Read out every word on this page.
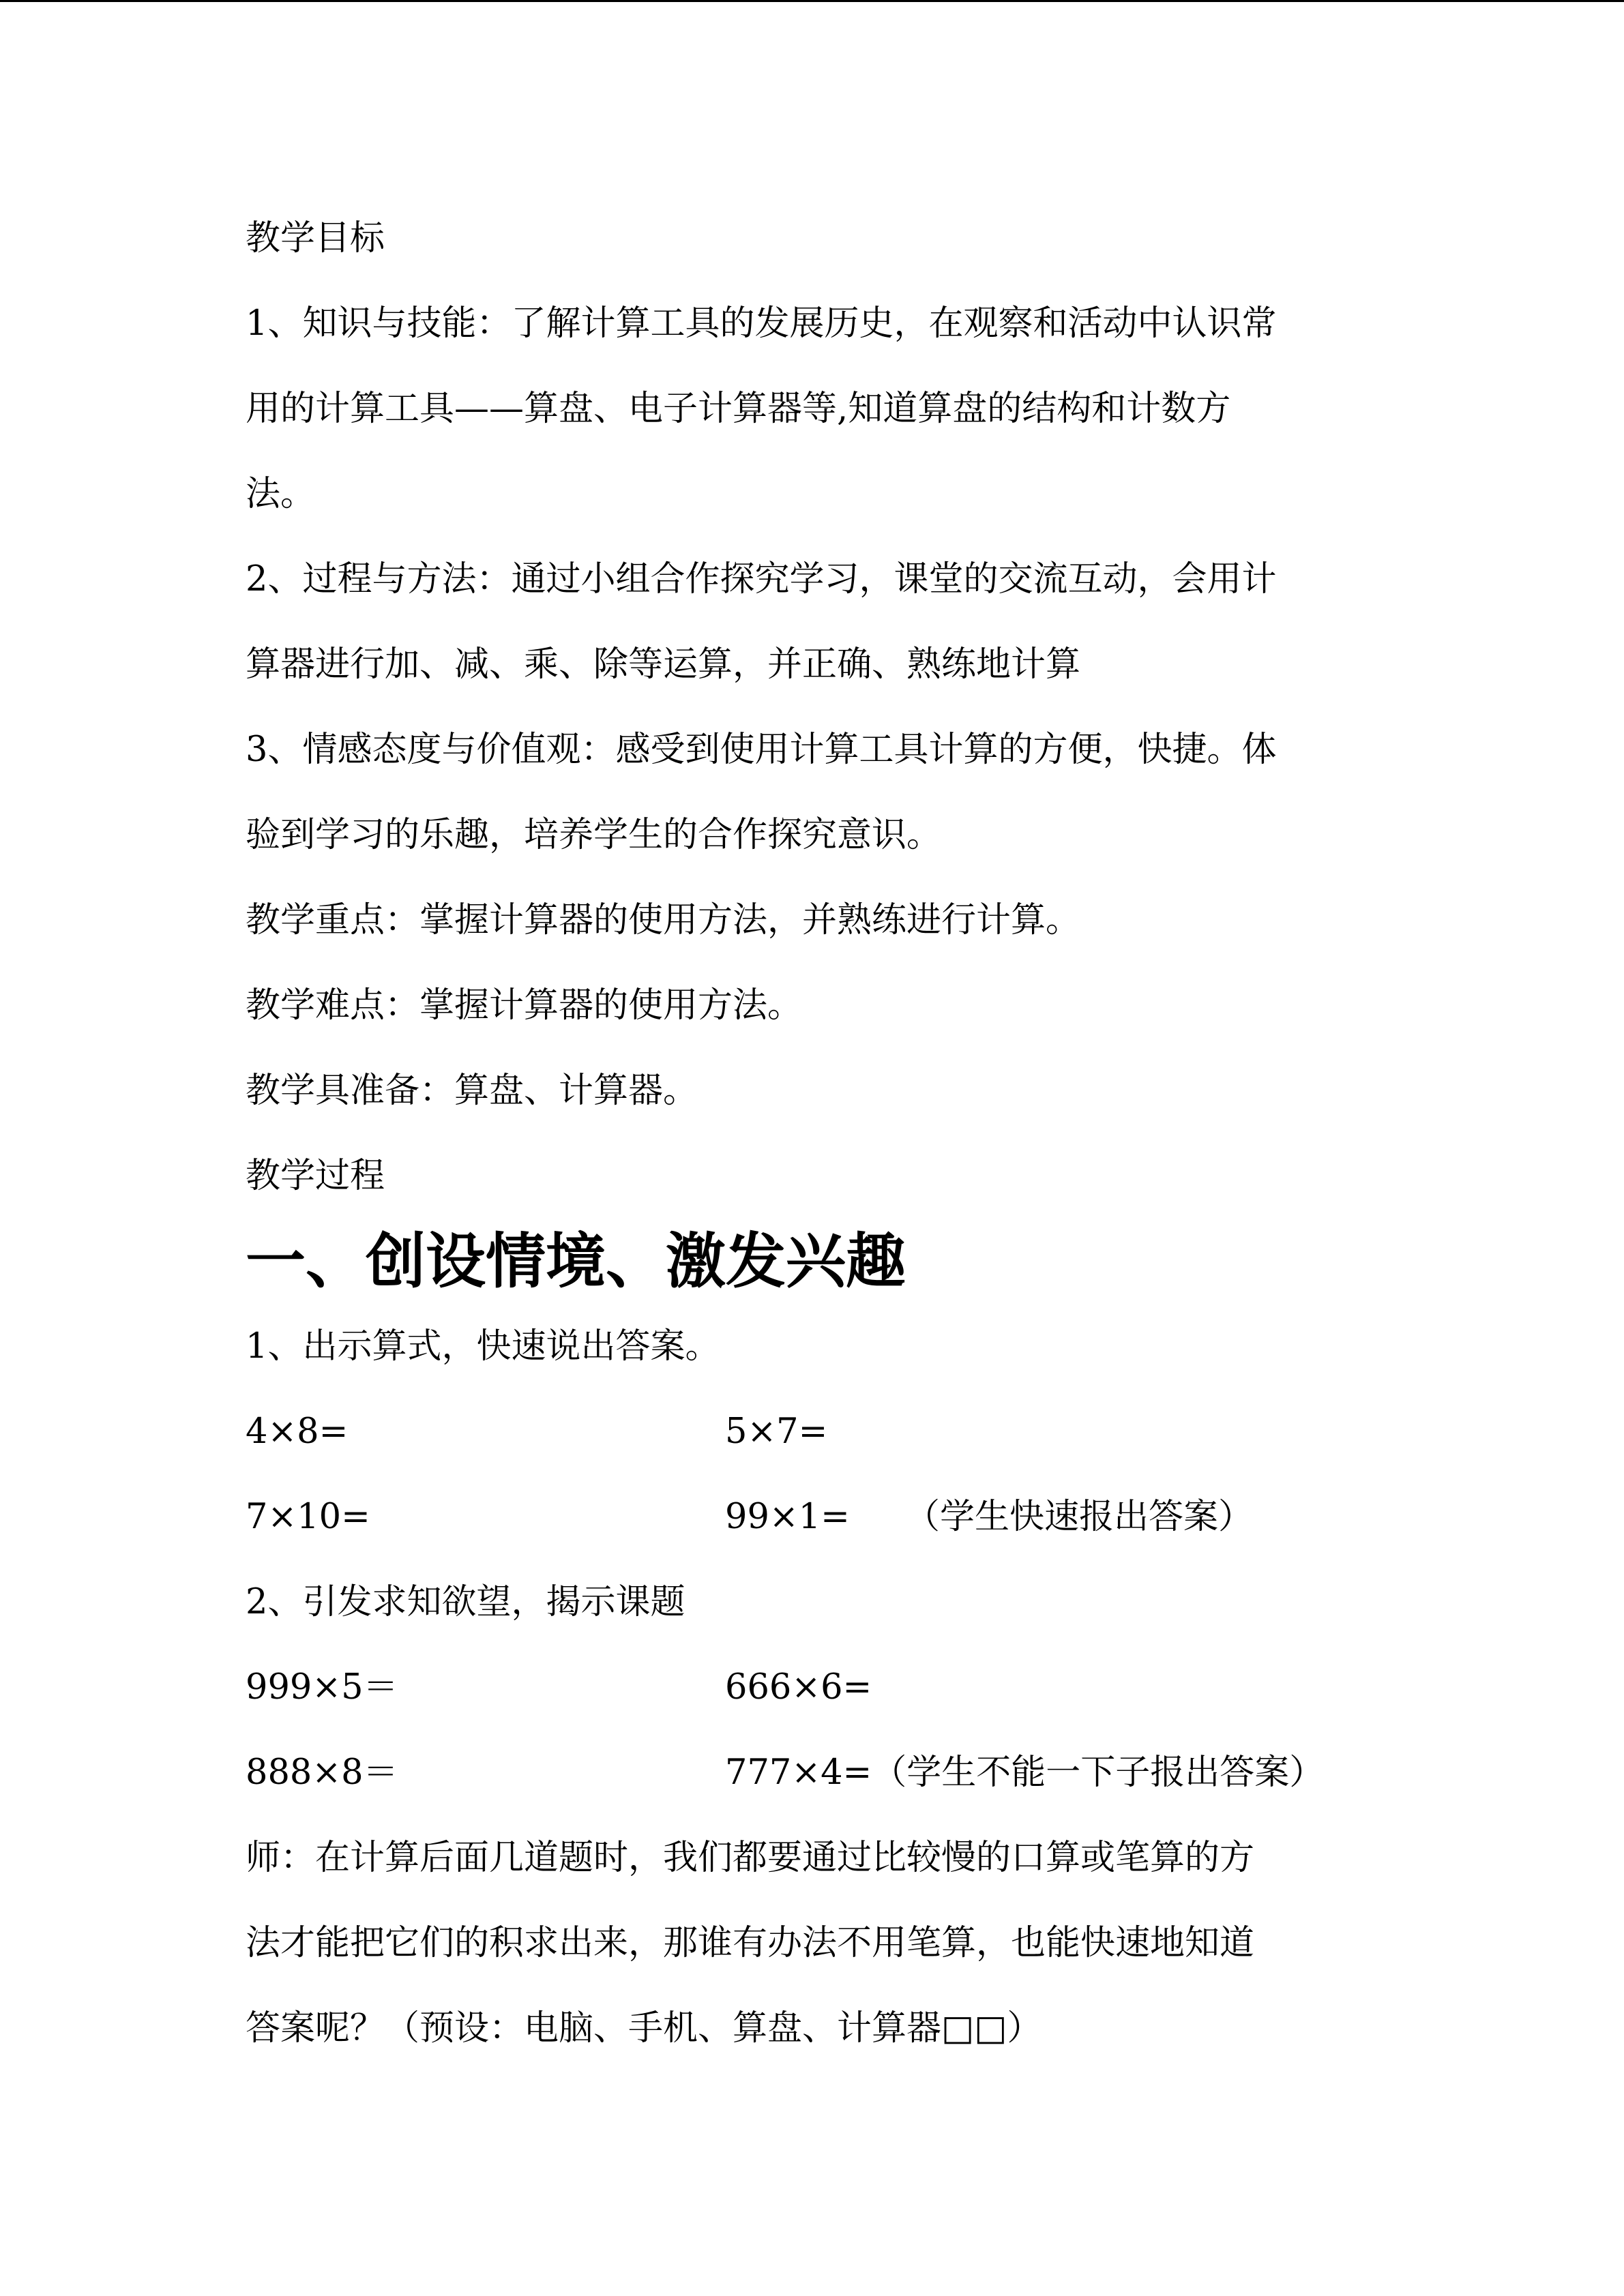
教学目标
1、知识与技能：了解计算工具的发展历史，在观察和活动中认识常
用的计算工具——算盘、电子计算器等,知道算盘的结构和计数方
法。
2、过程与方法：通过小组合作探究学习，课堂的交流互动，会用计
算器进行加、减、乘、除等运算，并正确、熟练地计算
3、情感态度与价值观：感受到使用计算工具计算的方便，快捷。体
验到学习的乐趣，培养学生的合作探究意识。
教学重点：掌握计算器的使用方法，并熟练进行计算。
教学难点：掌握计算器的使用方法。
教学具准备：算盘、计算器。
教学过程
一、创设情境、激发兴趣
1、出示算式，快速说出答案。
4×8=	5×7=
7×10=	99×1= （学生快速报出答案）
2、引发求知欲望，揭示课题
999×5＝	666×6=
888×8＝	777×4=（学生不能一下子报出答案）
师：在计算后面几道题时，我们都要通过比较慢的口算或笔算的方
法才能把它们的积求出来，那谁有办法不用笔算，也能快速地知道
答案呢？（预设：电脑、手机、算盘、计算器□□）
